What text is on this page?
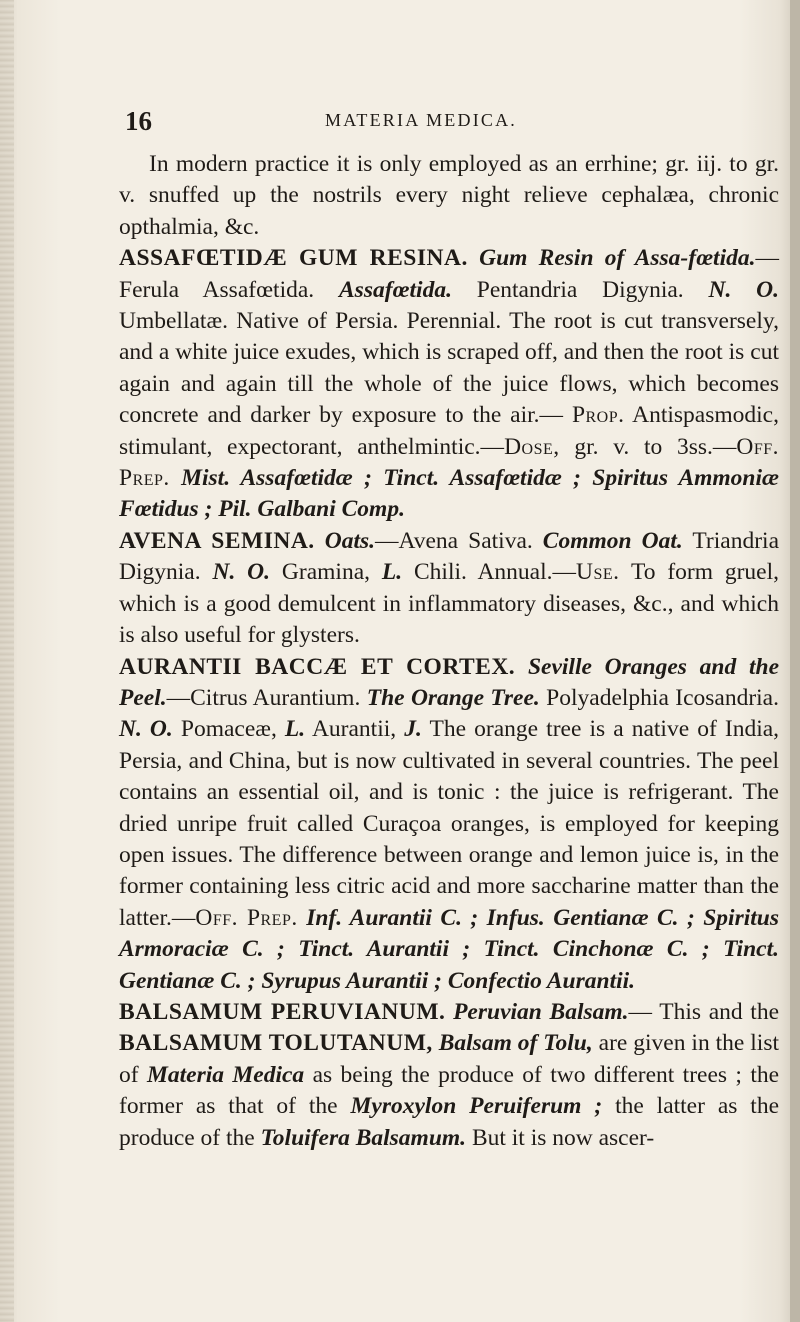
16	MATERIA MEDICA.

In modern practice it is only employed as an errhine; gr. iij. to gr. v. snuffed up the nostrils every night relieve cephalæa, chronic opthalmia, &c.

ASSAFŒTIDÆ GUM RESINA. Gum Resin of Assa-fœtida.—Ferula Assafœtida. Assafœtida. Pentandria Digynia. N. O. Umbellatæ. Native of Persia. Perennial. The root is cut transversely, and a white juice exudes, which is scraped off, and then the root is cut again and again till the whole of the juice flows, which becomes concrete and darker by exposure to the air.— Prop. Antispasmodic, stimulant, expectorant, anthelmintic.—Dose, gr. v. to 3ss.—Off. Prep. Mist. Assafœtidæ ; Tinct. Assafœtidæ ; Spiritus Ammoniæ Fœtidus ; Pil. Galbani Comp.

AVENA SEMINA. Oats.—Avena Sativa. Common Oat. Triandria Digynia. N. O. Gramina, L. Chili. Annual.—Use. To form gruel, which is a good demulcent in inflammatory diseases, &c., and which is also useful for glysters.

AURANTII BACCÆ ET CORTEX. Seville Oranges and the Peel.—Citrus Aurantium. The Orange Tree. Polyadelphia Icosandria. N. O. Pomaceæ, L. Aurantii, J. The orange tree is a native of India, Persia, and China, but is now cultivated in several countries. The peel contains an essential oil, and is tonic : the juice is refrigerant. The dried unripe fruit called Curaçoa oranges, is employed for keeping open issues. The difference between orange and lemon juice is, in the former containing less citric acid and more saccharine matter than the latter.—Off. Prep. Inf. Aurantii C. ; Infus. Gentianæ C. ; Spiritus Armoraciæ C. ; Tinct. Aurantii ; Tinct. Cinchonæ C. ; Tinct. Gentianæ C. ; Syrupus Aurantii ; Confectio Aurantii.

BALSAMUM PERUVIANUM. Peruvian Balsam.— This and the BALSAMUM TOLUTANUM, Balsam of Tolu, are given in the list of Materia Medica as being the produce of two different trees ; the former as that of the Myroxylon Peruiferum ; the latter as the produce of the Toluifera Balsamum. But it is now ascer-
